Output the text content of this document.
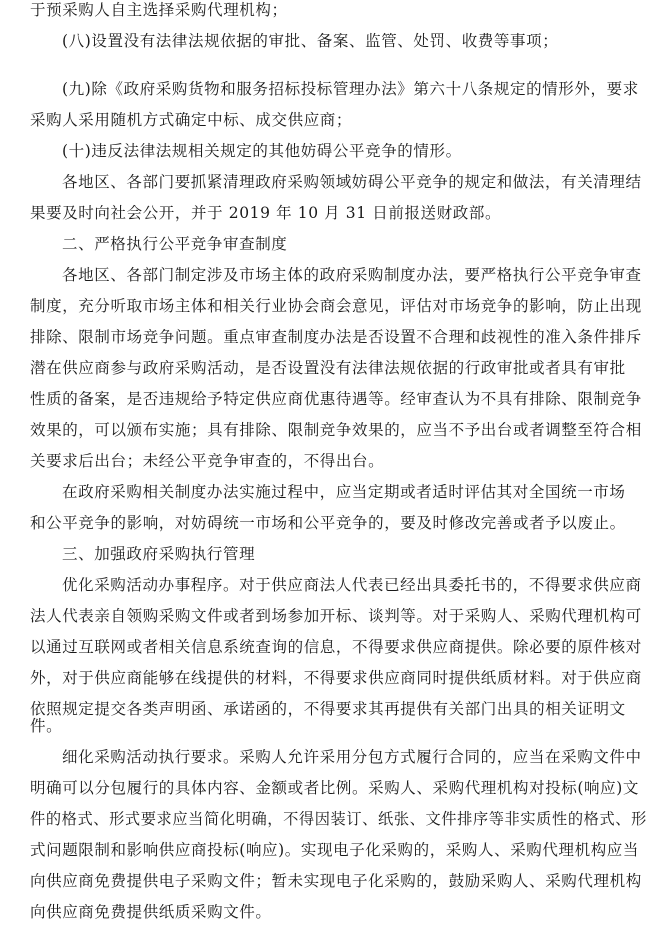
于预采购人自主选择采购代理机构；
(八)设置没有法律法规依据的审批、备案、监管、处罚、收费等事项；
(九)除《政府采购货物和服务招标投标管理办法》第六十八条规定的情形外，要求
采购人采用随机方式确定中标、成交供应商；
(十)违反法律法规相关规定的其他妨碍公平竞争的情形。
各地区、各部门要抓紧清理政府采购领域妨碍公平竞争的规定和做法，有关清理结
果要及时向社会公开，并于 2019 年 10 月 31 日前报送财政部。
二、严格执行公平竞争审查制度
各地区、各部门制定涉及市场主体的政府采购制度办法，要严格执行公平竞争审查
制度，充分听取市场主体和相关行业协会商会意见，评估对市场竞争的影响，防止出现
排除、限制市场竞争问题。重点审查制度办法是否设置不合理和歧视性的准入条件排斥
潜在供应商参与政府采购活动，是否设置没有法律法规依据的行政审批或者具有审批
性质的备案，是否违规给予特定供应商优惠待遇等。经审查认为不具有排除、限制竞争
效果的，可以颁布实施；具有排除、限制竞争效果的，应当不予出台或者调整至符合相
关要求后出台；未经公平竞争审查的，不得出台。
在政府采购相关制度办法实施过程中，应当定期或者适时评估其对全国统一市场
和公平竞争的影响，对妨碍统一市场和公平竞争的，要及时修改完善或者予以废止。
三、加强政府采购执行管理
优化采购活动办事程序。对于供应商法人代表已经出具委托书的，不得要求供应商
法人代表亲自领购采购文件或者到场参加开标、谈判等。对于采购人、采购代理机构可
以通过互联网或者相关信息系统查询的信息，不得要求供应商提供。除必要的原件核对
外，对于供应商能够在线提供的材料，不得要求供应商同时提供纸质材料。对于供应商
依照规定提交各类声明函、承诺函的，不得要求其再提供有关部门出具的相关证明文
件。
细化采购活动执行要求。采购人允许采用分包方式履行合同的，应当在采购文件中
明确可以分包履行的具体内容、金额或者比例。采购人、采购代理机构对投标(响应)文
件的格式、形式要求应当简化明确，不得因装订、纸张、文件排序等非实质性的格式、形
式问题限制和影响供应商投标(响应)。实现电子化采购的，采购人、采购代理机构应当
向供应商免费提供电子采购文件；暂未实现电子化采购的，鼓励采购人、采购代理机构
向供应商免费提供纸质采购文件。
